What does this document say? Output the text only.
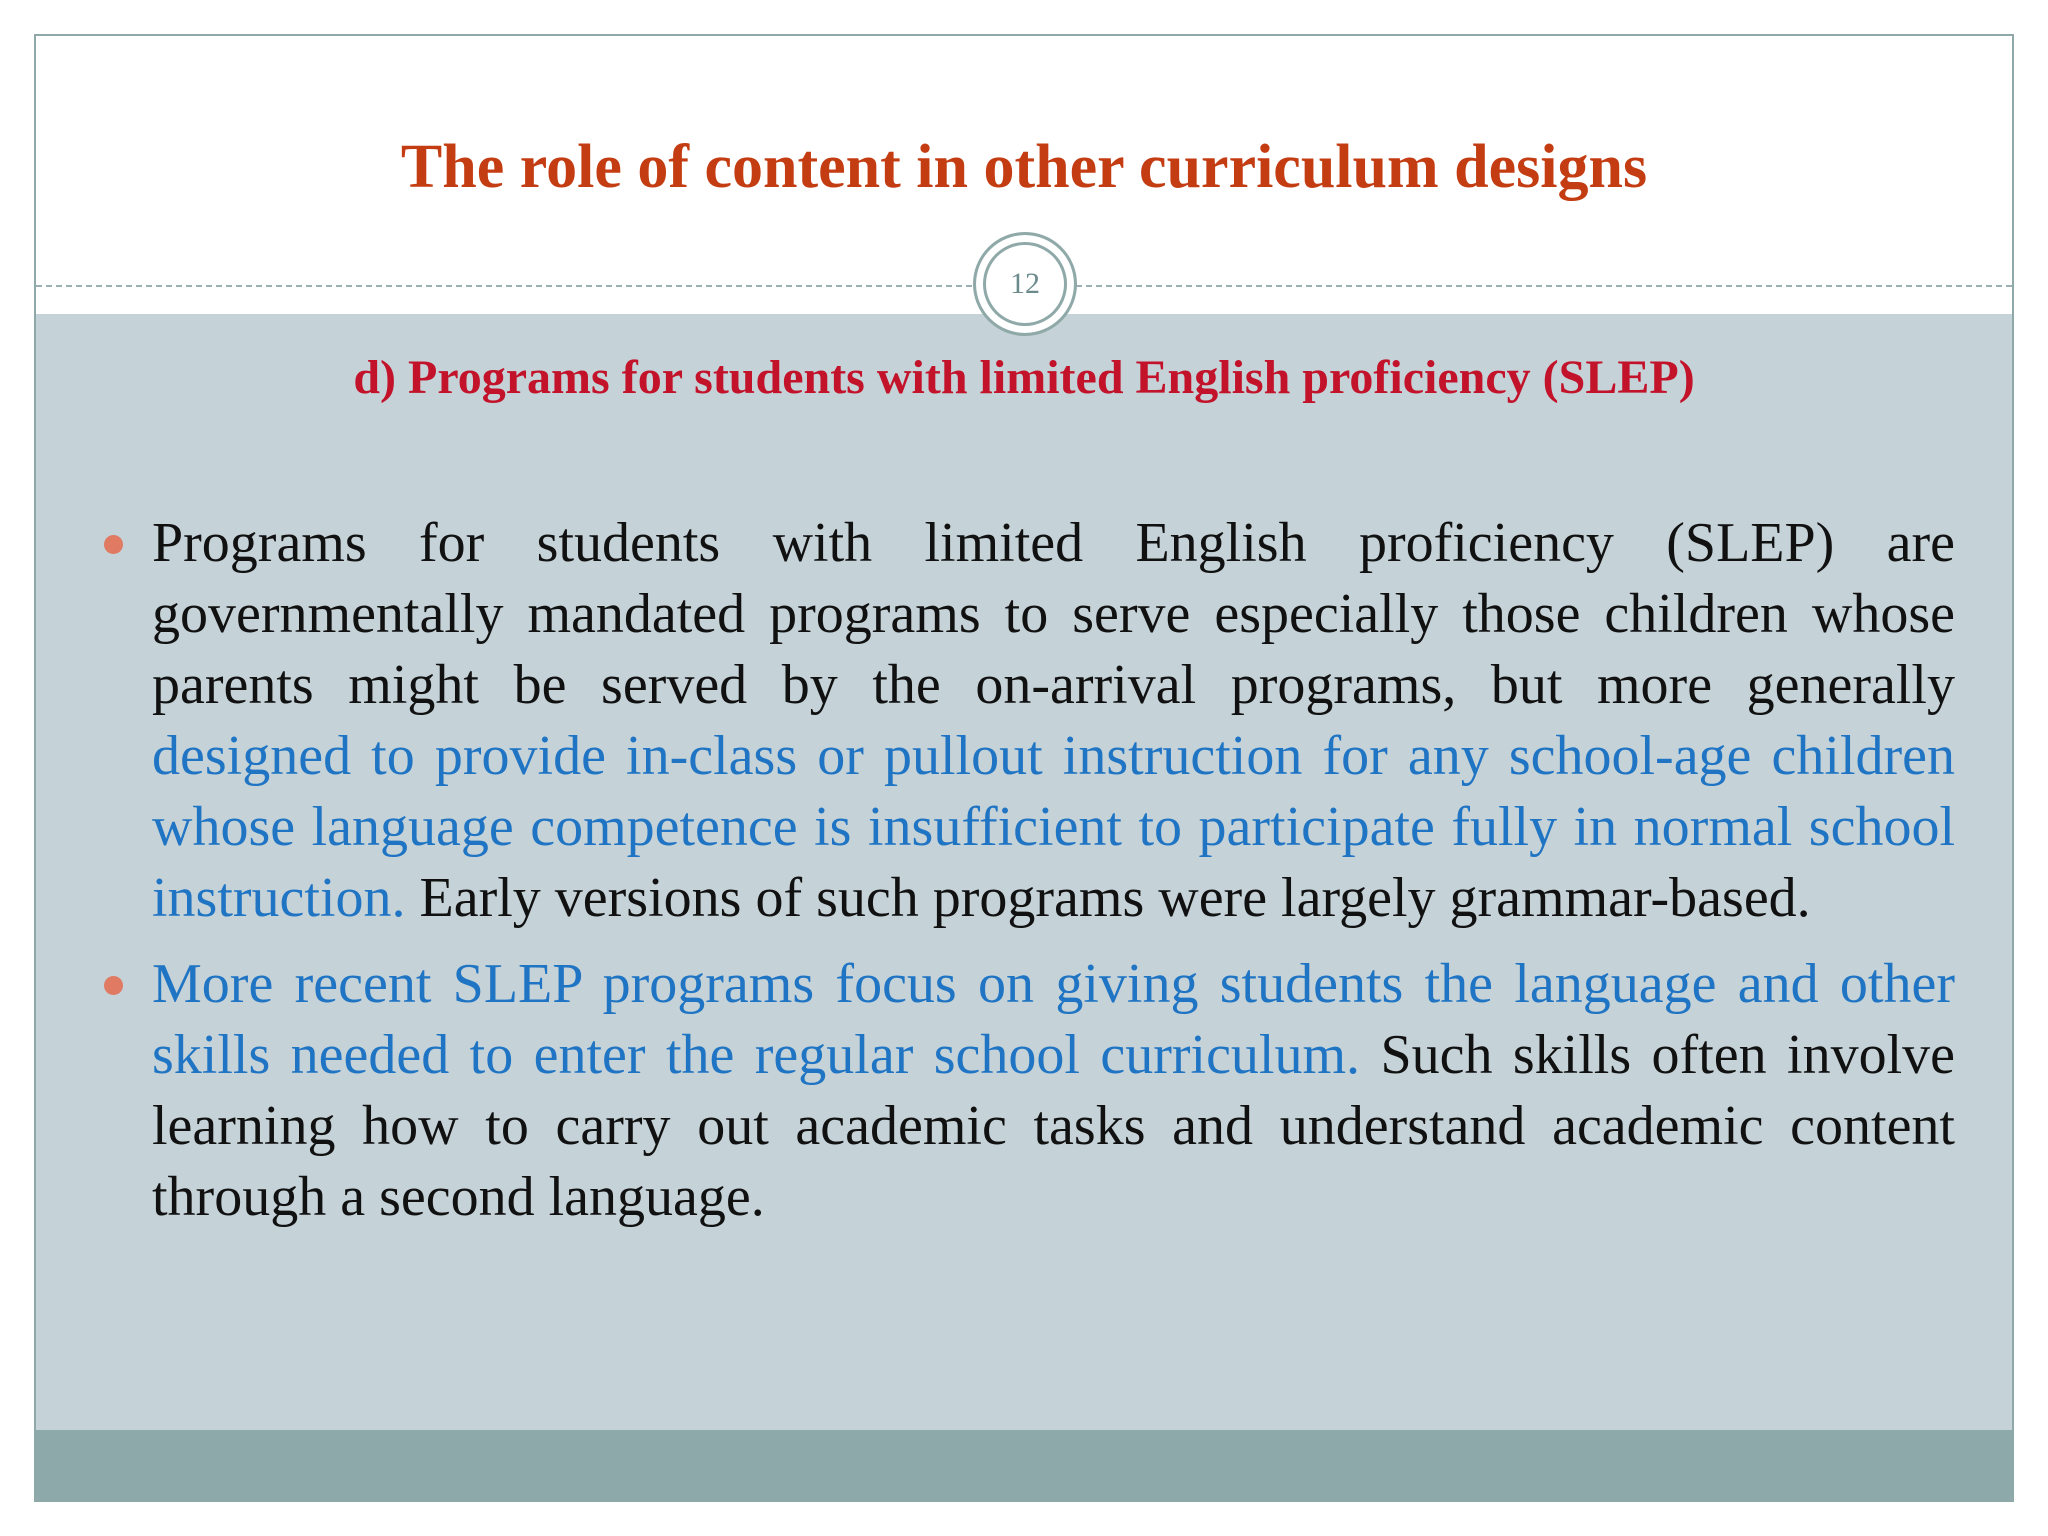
The role of content in other curriculum designs
12
d) Programs for students with limited English proficiency (SLEP)
Programs for students with limited English proficiency (SLEP) are governmentally mandated programs to serve especially those children whose parents might be served by the on-arrival programs, but more generally designed to provide in-class or pullout instruction for any school-age children whose language competence is insufficient to participate fully in normal school instruction. Early versions of such programs were largely grammar-based.
More recent SLEP programs focus on giving students the language and other skills needed to enter the regular school curriculum. Such skills often involve learning how to carry out academic tasks and understand academic content through a second language.
